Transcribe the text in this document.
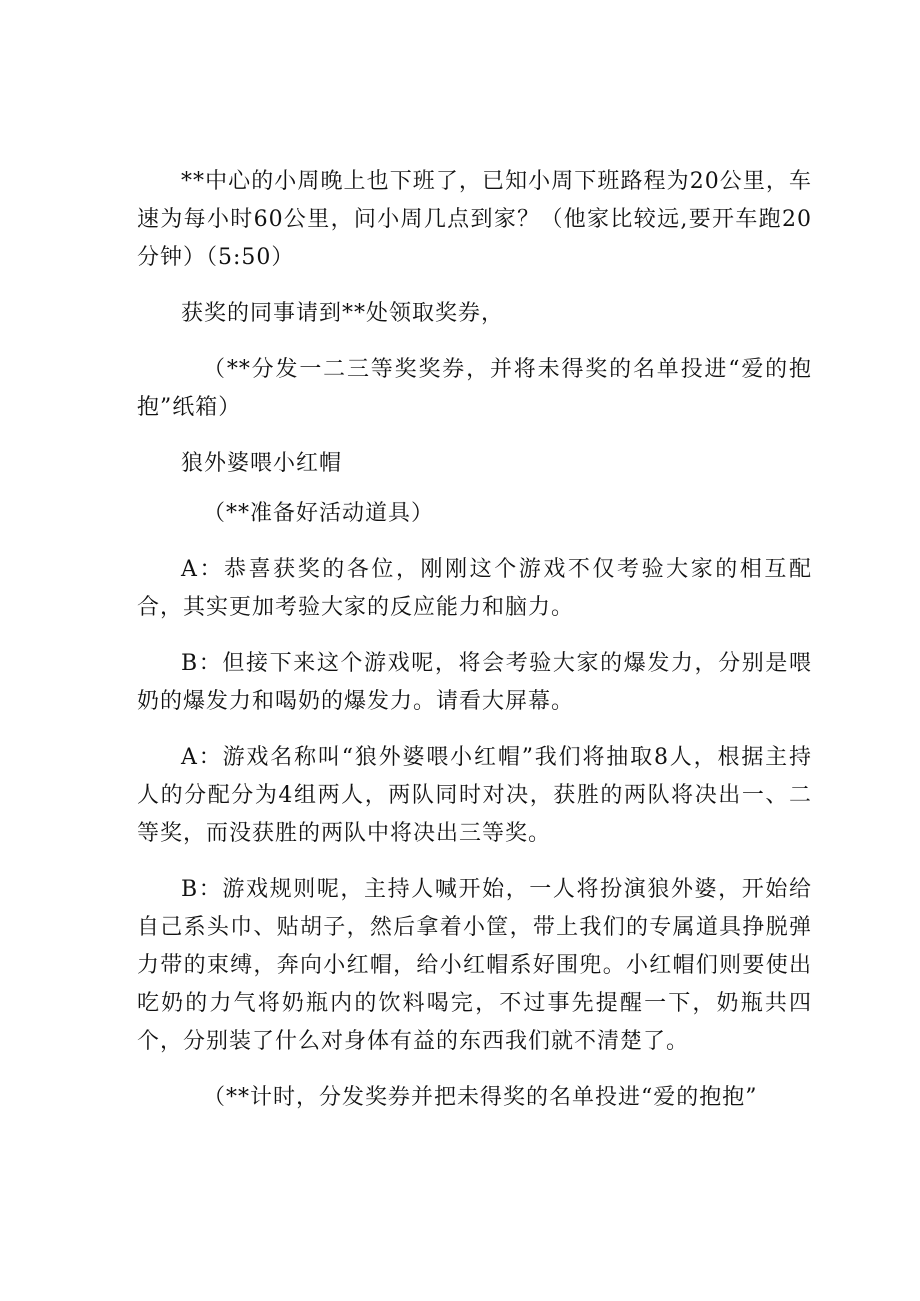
**中心的小周晚上也下班了，已知小周下班路程为20公里，车速为每小时60公里，问小周几点到家？（他家比较远,要开车跑20分钟）（5:50）

获奖的同事请到**处领取奖券，

（**分发一二三等奖奖券，并将未得奖的名单投进“爱的抱抱”纸箱）

狼外婆喂小红帽

（**准备好活动道具）

A：恭喜获奖的各位，刚刚这个游戏不仅考验大家的相互配合，其实更加考验大家的反应能力和脑力。

B：但接下来这个游戏呢，将会考验大家的爆发力，分别是喂奶的爆发力和喝奶的爆发力。请看大屏幕。

A：游戏名称叫“狼外婆喂小红帽”我们将抽取8人，根据主持人的分配分为4组两人，两队同时对决，获胜的两队将决出一、二等奖，而没获胜的两队中将决出三等奖。

B：游戏规则呢，主持人喊开始，一人将扮演狼外婆，开始给自己系头巾、贴胡子，然后拿着小筐，带上我们的专属道具挣脱弹力带的束缚，奔向小红帽，给小红帽系好围兜。小红帽们则要使出吃奶的力气将奶瓶内的饮料喝完，不过事先提醒一下，奶瓶共四个，分别装了什么对身体有益的东西我们就不清楚了。

（**计时，分发奖券并把未得奖的名单投进“爱的抱抱”
